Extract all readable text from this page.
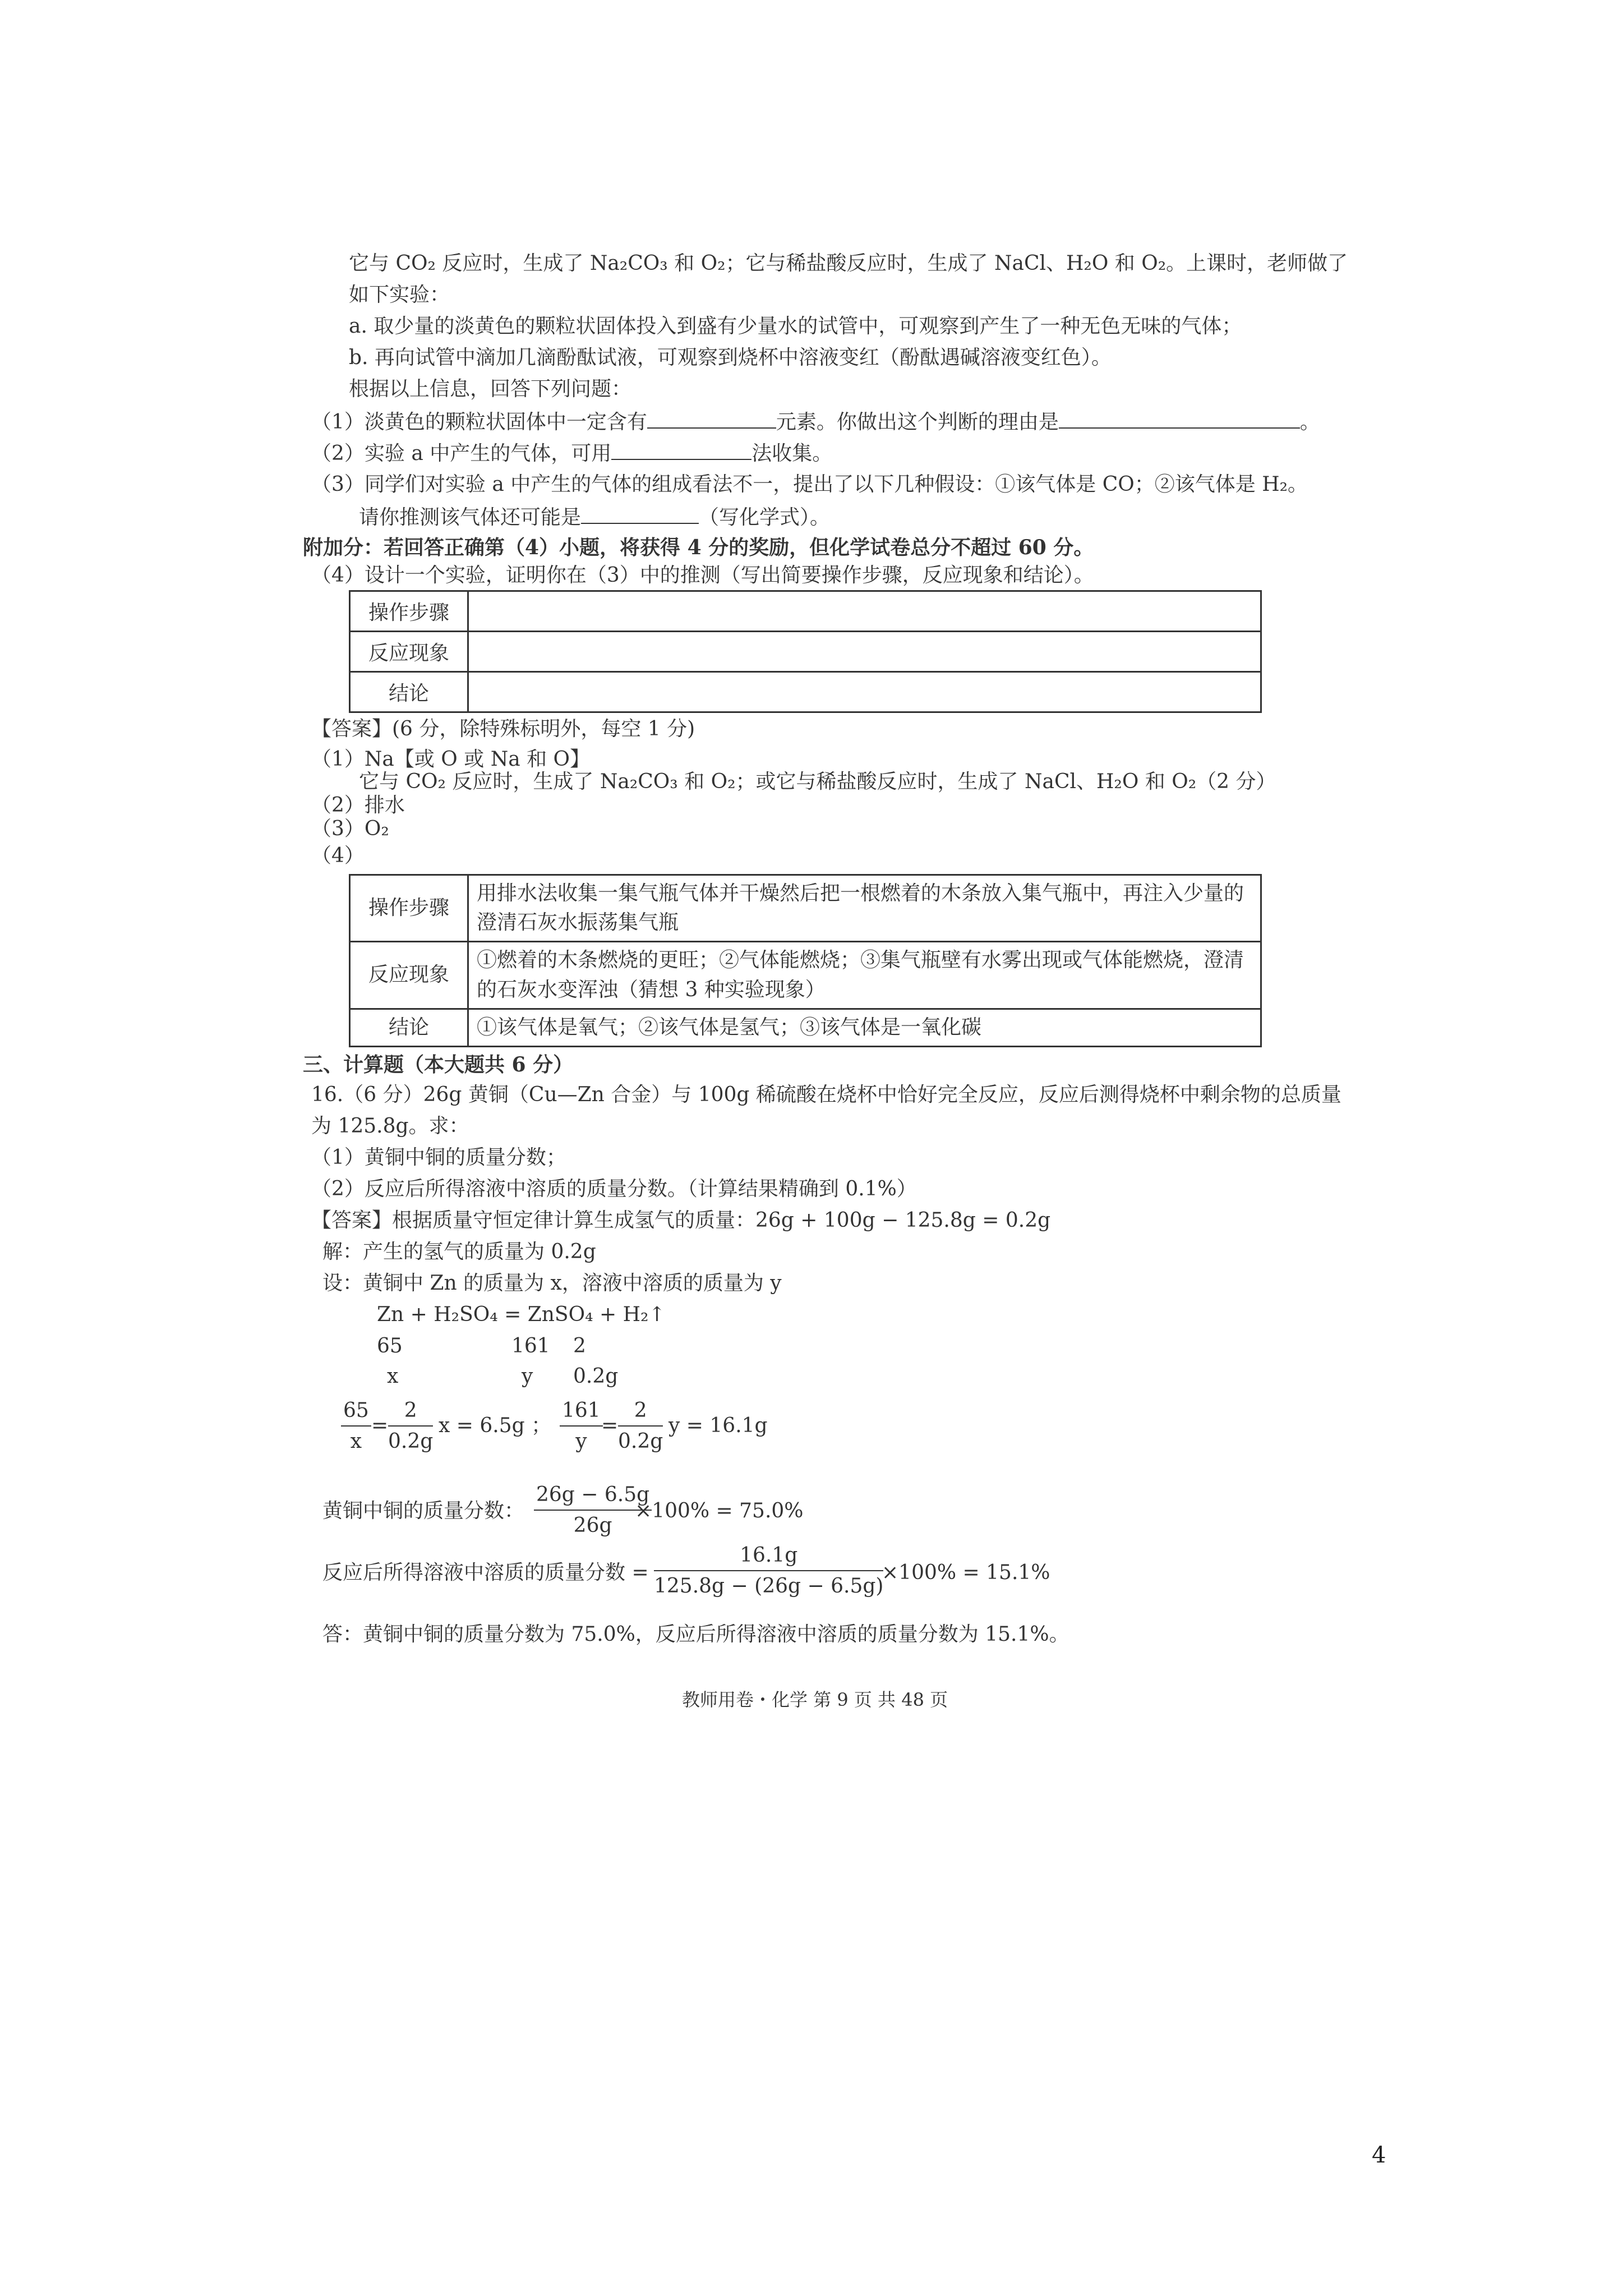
它与 CO₂ 反应时，生成了 Na₂CO₃ 和 O₂；它与稀盐酸反应时，生成了 NaCl、H₂O 和 O₂。上课时，老师做了
如下实验：
a. 取少量的淡黄色的颗粒状固体投入到盛有少量水的试管中，可观察到产生了一种无色无味的气体；
b. 再向试管中滴加几滴酚酞试液，可观察到烧杯中溶液变红（酚酞遇碱溶液变红色）。
根据以上信息，回答下列问题：
（1）淡黄色的颗粒状固体中一定含有	元素。你做出这个判断的理由是	。
（2）实验 a 中产生的气体，可用	法收集。
（3）同学们对实验 a 中产生的气体的组成看法不一，提出了以下几种假设：①该气体是 CO；②该气体是 H₂。
请你推测该气体还可能是	（写化学式）。
附加分：若回答正确第（4）小题，将获得 4 分的奖励，但化学试卷总分不超过 60 分。
（4）设计一个实验，证明你在（3）中的推测（写出简要操作步骤，反应现象和结论）。
操作步骤	
反应现象	
结论	
【答案】(6 分，除特殊标明外，每空 1 分)
（1）Na【或 O 或 Na 和 O】
它与 CO₂ 反应时，生成了 Na₂CO₃ 和 O₂；或它与稀盐酸反应时，生成了 NaCl、H₂O 和 O₂（2 分）
（2）排水
（3）O₂
（4）
操作步骤	用排水法收集一集气瓶气体并干燥然后把一根燃着的木条放入集气瓶中，再注入少量的澄清石灰水振荡集气瓶
反应现象	①燃着的木条燃烧的更旺；②气体能燃烧；③集气瓶壁有水雾出现或气体能燃烧，澄清的石灰水变浑浊（猜想 3 种实验现象）
结论	①该气体是氧气；②该气体是氢气；③该气体是一氧化碳
三、计算题（本大题共 6 分）
16.（6 分）26g 黄铜（Cu—Zn 合金）与 100g 稀硫酸在烧杯中恰好完全反应，反应后测得烧杯中剩余物的总质量
为 125.8g。求：
（1）黄铜中铜的质量分数；
（2）反应后所得溶液中溶质的质量分数。（计算结果精确到 0.1%）
【答案】根据质量守恒定律计算生成氢气的质量：26g + 100g − 125.8g = 0.2g
解：产生的氢气的质量为 0.2g
设：黄铜中 Zn 的质量为 x，溶液中溶质的质量为 y
Zn + H₂SO₄ = ZnSO₄ + H₂↑
65	161 2
x	y 0.2g
$\frac{65}{x} = \frac{2}{0.2g}$ x = 6.5g ； $\frac{161}{y}$
= $\frac{2}{0.2g}$ y = 16.1g
黄铜中铜的质量分数： $\frac{26g - 6.5g}{26g}$
×100% = 75.0%
反应后所得溶液中溶质的质量分数 = $\frac{16.1g}{125.8g - (26g - 6.5g)}$
×100% = 15.1%
答：黄铜中铜的质量分数为 75.0%，反应后所得溶液中溶质的质量分数为 15.1%。
教师用卷・化学 第 9 页 共 48 页
4
